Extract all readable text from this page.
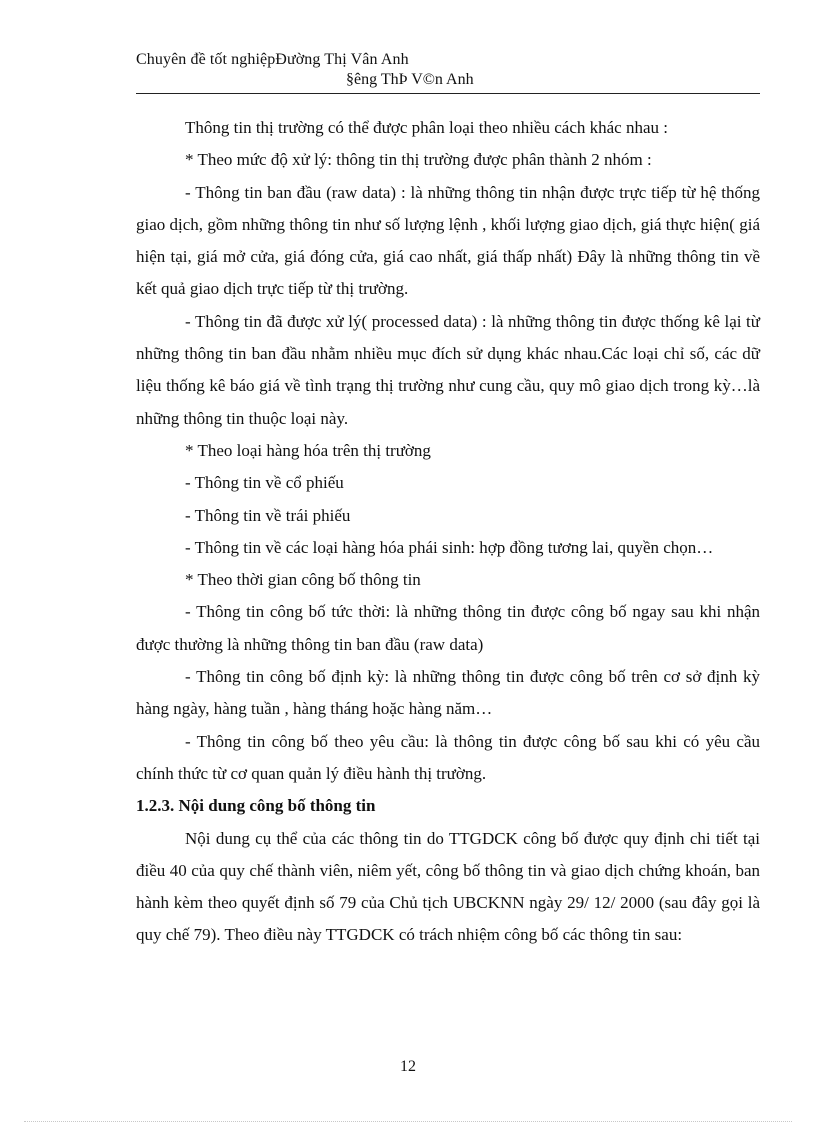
Chuyên đề tốt nghiệpĐường Thị Vân Anh
§êng ThÞ V©n Anh

Thông tin thị trường có thể được phân loại theo nhiều cách khác nhau :

* Theo mức độ xử lý: thông tin thị trường được phân thành 2 nhóm :

- Thông tin ban đầu (raw data) : là những thông tin nhận được trực tiếp từ hệ thống giao dịch, gồm những thông tin như số lượng lệnh , khối lượng giao dịch, giá thực hiện( giá hiện tại, giá mở cửa, giá đóng cửa, giá cao nhất, giá thấp nhất) Đây là những thông tin về kết quả giao dịch trực tiếp từ thị trường.

- Thông tin đã được xử lý( processed data) : là những thông tin được thống kê lại từ những thông tin ban đầu nhằm nhiều mục đích sử dụng khác nhau.Các loại chỉ số, các dữ liệu thống kê báo giá về tình trạng thị trường như cung cầu, quy mô giao dịch trong kỳ…là những thông tin thuộc loại này.

* Theo loại hàng hóa trên thị trường

- Thông tin về cổ phiếu

- Thông tin về trái phiếu

- Thông tin về các loại hàng hóa phái sinh: hợp đồng tương lai, quyền chọn…

* Theo thời gian công bố thông tin

- Thông tin công bố tức thời: là những thông tin được công bố ngay sau khi nhận được thường là những thông tin ban đầu (raw data)

- Thông tin công bố định kỳ: là những thông tin được công bố trên cơ sở định kỳ hàng ngày, hàng tuần , hàng tháng hoặc hàng năm…

- Thông tin công bố theo yêu cầu: là thông tin được công bố sau khi có yêu cầu chính thức từ cơ quan quản lý điều hành thị trường.

1.2.3. Nội dung công bố thông tin

Nội dung cụ thể của các thông tin do TTGDCK công bố được quy định chi tiết tại điều 40 của quy chế thành viên, niêm yết, công bố thông tin và giao dịch chứng khoán, ban hành kèm theo quyết định số 79 của Chủ tịch UBCKNN ngày 29/ 12/ 2000 (sau đây gọi là quy chế 79). Theo điều này TTGDCK có trách nhiệm công bố các thông tin sau:

12
